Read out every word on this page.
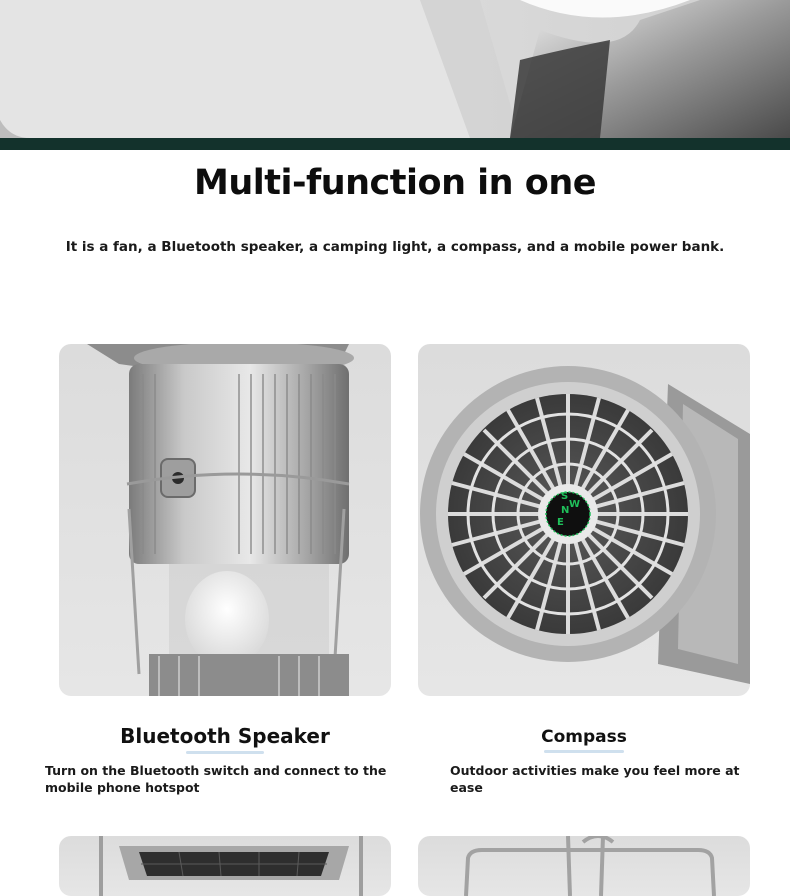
Multi-function in one
It is a fan, a Bluetooth speaker, a camping light, a compass, and a mobile power bank.
S
W
N
E
Bluetooth Speaker
Turn on the Bluetooth switch and connect to the mobile phone hotspot
Compass
Outdoor activities make you feel more at ease
